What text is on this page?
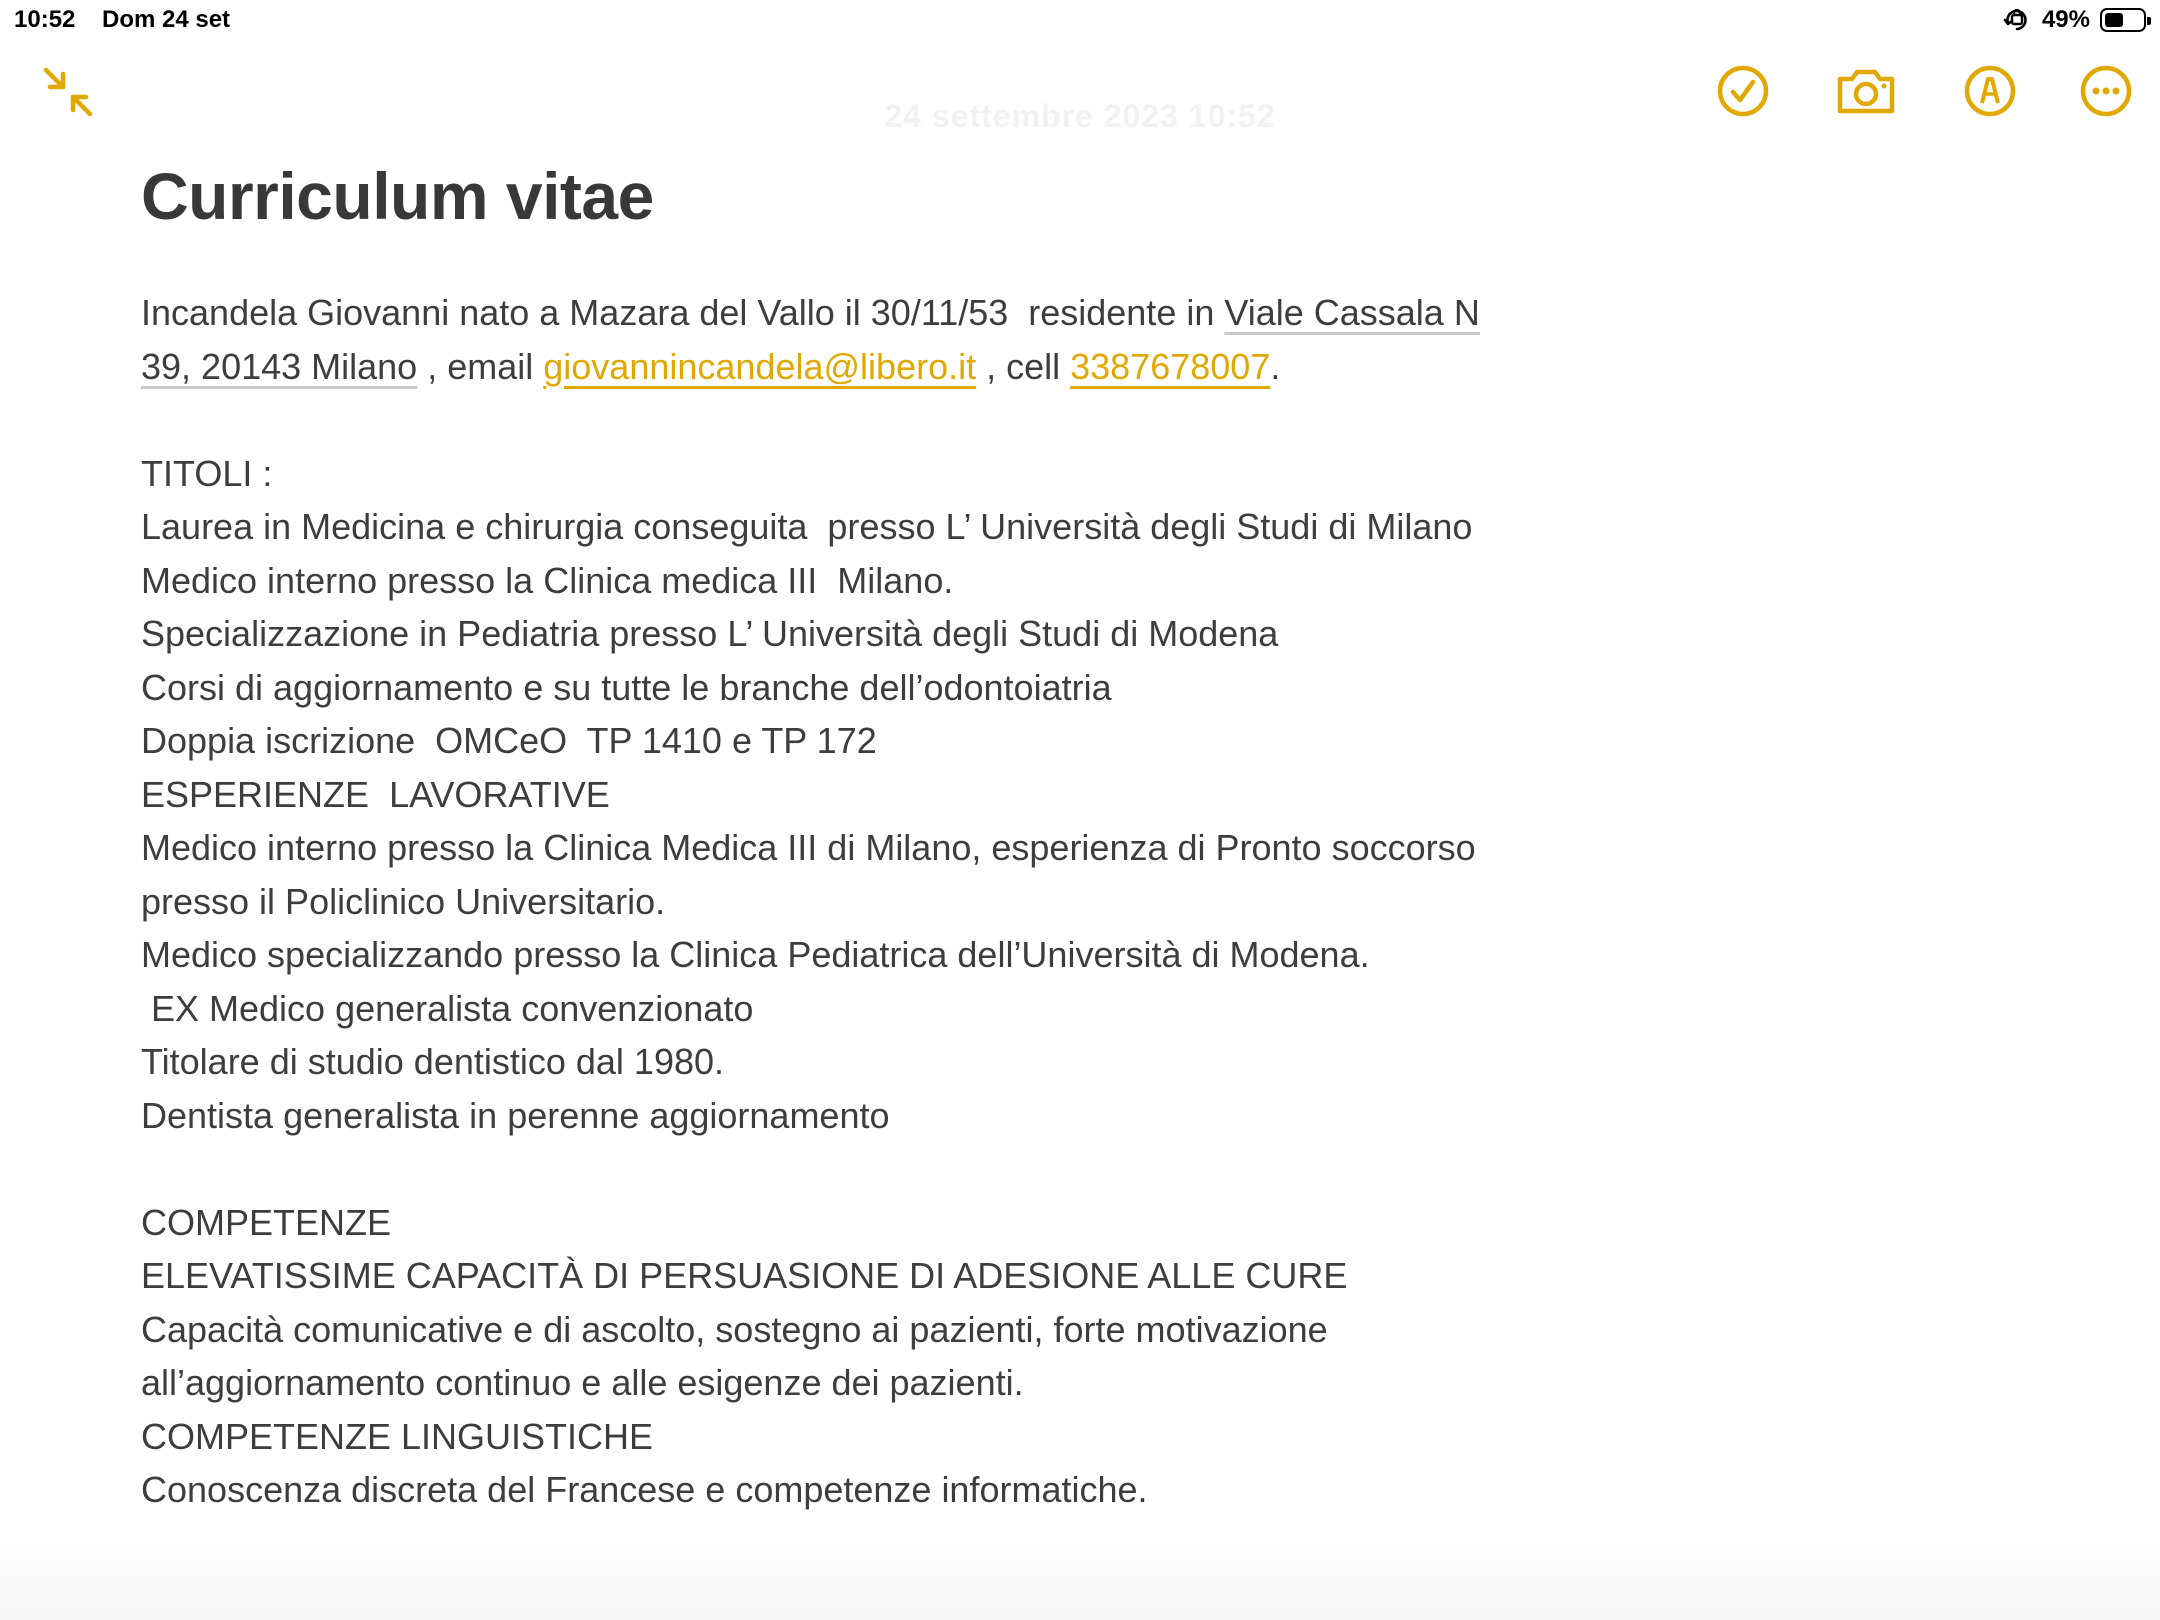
10:52 Dom 24 set	49%
24 settembre 2023 10:52
Curriculum vitae
Incandela Giovanni nato a Mazara del Vallo il 30/11/53  residente in Viale Cassala N
39, 20143 Milano , email giovannincandela@libero.it , cell 3387678007.
TITOLI :
Laurea in Medicina e chirurgia conseguita  presso L’ Università degli Studi di Milano
Medico interno presso la Clinica medica III  Milano.
Specializzazione in Pediatria presso L’ Università degli Studi di Modena
Corsi di aggiornamento e su tutte le branche dell’odontoiatria
Doppia iscrizione  OMCeO  TP 1410 e TP 172
ESPERIENZE  LAVORATIVE
Medico interno presso la Clinica Medica III di Milano, esperienza di Pronto soccorso
presso il Policlinico Universitario.
Medico specializzando presso la Clinica Pediatrica dell’Università di Modena.
EX Medico generalista convenzionato
Titolare di studio dentistico dal 1980.
Dentista generalista in perenne aggiornamento
COMPETENZE
ELEVATISSIME CAPACITÀ DI PERSUASIONE DI ADESIONE ALLE CURE
Capacità comunicative e di ascolto, sostegno ai pazienti, forte motivazione
all’aggiornamento continuo e alle esigenze dei pazienti.
COMPETENZE LINGUISTICHE
Conoscenza discreta del Francese e competenze informatiche.
